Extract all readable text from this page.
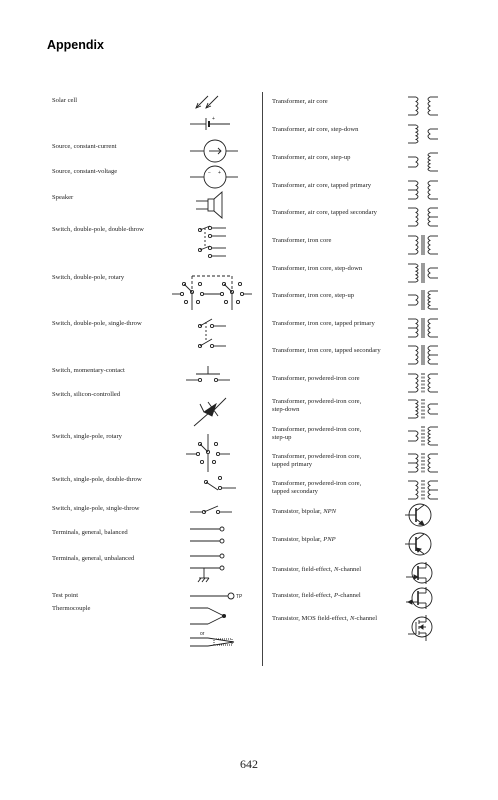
Appendix
Solar cell
Source, constant-current
Source, constant-voltage
Speaker
Switch, double-pole, double-throw
Switch, double-pole, rotary
Switch, double-pole, single-throw
Switch, momentary-contact
Switch, silicon-controlled
Switch, single-pole, rotary
Switch, single-pole, double-throw
Switch, single-pole, single-throw
Terminals, general, balanced
Terminals, general, unbalanced
Test point
Thermocouple
Transformer, air core
Transformer, air core, step-down
Transformer, air core, step-up
Transformer, air core, tapped primary
Transformer, air core, tapped secondary
Transformer, iron core
Transformer, iron core, step-down
Transformer, iron core, step-up
Transformer, iron core, tapped primary
Transformer, iron core, tapped secondary
Transformer, powdered-iron core
Transformer, powdered-iron core,
step-down
Transformer, powdered-iron core,
step-up
Transformer, powdered-iron core,
tapped primary
Transformer, powdered-iron core,
tapped secondary
Transistor, bipolar, NPN
Transistor, bipolar, PNP
Transistor, field-effect, N-channel
Transistor, field-effect, P-channel
Transistor, MOS field-effect, N-channel
+
− +
TP
or
642
